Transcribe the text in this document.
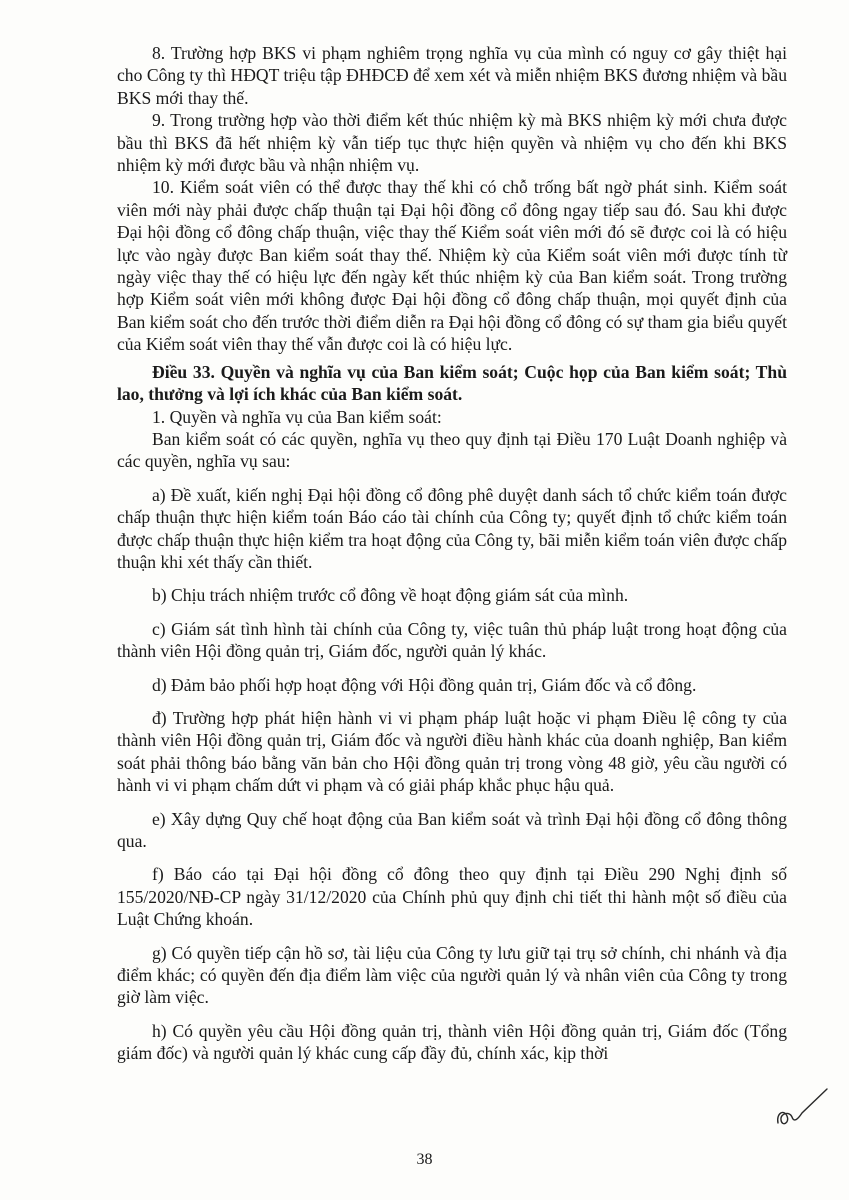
8. Trường hợp BKS vi phạm nghiêm trọng nghĩa vụ của mình có nguy cơ gây thiệt hại cho Công ty thì HĐQT triệu tập ĐHĐCĐ để xem xét và miễn nhiệm BKS đương nhiệm và bầu BKS mới thay thế.

9. Trong trường hợp vào thời điểm kết thúc nhiệm kỳ mà BKS nhiệm kỳ mới chưa được bầu thì BKS đã hết nhiệm kỳ vẫn tiếp tục thực hiện quyền và nhiệm vụ cho đến khi BKS nhiệm kỳ mới được bầu và nhận nhiệm vụ.

10. Kiểm soát viên có thể được thay thế khi có chỗ trống bất ngờ phát sinh. Kiểm soát viên mới này phải được chấp thuận tại Đại hội đồng cổ đông ngay tiếp sau đó. Sau khi được Đại hội đồng cổ đông chấp thuận, việc thay thế Kiểm soát viên mới đó sẽ được coi là có hiệu lực vào ngày được Ban kiểm soát thay thế. Nhiệm kỳ của Kiểm soát viên mới được tính từ ngày việc thay thế có hiệu lực đến ngày kết thúc nhiệm kỳ của Ban kiểm soát. Trong trường hợp Kiểm soát viên mới không được Đại hội đồng cổ đông chấp thuận, mọi quyết định của Ban kiểm soát cho đến trước thời điểm diễn ra Đại hội đồng cổ đông có sự tham gia biểu quyết của Kiểm soát viên thay thế vẫn được coi là có hiệu lực.

Điều 33. Quyền và nghĩa vụ của Ban kiểm soát; Cuộc họp của Ban kiểm soát; Thù lao, thưởng và lợi ích khác của Ban kiểm soát.

1. Quyền và nghĩa vụ của Ban kiểm soát:

Ban kiểm soát có các quyền, nghĩa vụ theo quy định tại Điều 170 Luật Doanh nghiệp và các quyền, nghĩa vụ sau:

a) Đề xuất, kiến nghị Đại hội đồng cổ đông phê duyệt danh sách tổ chức kiểm toán được chấp thuận thực hiện kiểm toán Báo cáo tài chính của Công ty; quyết định tổ chức kiểm toán được chấp thuận thực hiện kiểm tra hoạt động của Công ty, bãi miễn kiểm toán viên được chấp thuận khi xét thấy cần thiết.

b) Chịu trách nhiệm trước cổ đông về hoạt động giám sát của mình.

c) Giám sát tình hình tài chính của Công ty, việc tuân thủ pháp luật trong hoạt động của thành viên Hội đồng quản trị, Giám đốc, người quản lý khác.

d) Đảm bảo phối hợp hoạt động với Hội đồng quản trị, Giám đốc và cổ đông.

đ) Trường hợp phát hiện hành vi vi phạm pháp luật hoặc vi phạm Điều lệ công ty của thành viên Hội đồng quản trị, Giám đốc và người điều hành khác của doanh nghiệp, Ban kiểm soát phải thông báo bằng văn bản cho Hội đồng quản trị trong vòng 48 giờ, yêu cầu người có hành vi vi phạm chấm dứt vi phạm và có giải pháp khắc phục hậu quả.

e) Xây dựng Quy chế hoạt động của Ban kiểm soát và trình Đại hội đồng cổ đông thông qua.

f) Báo cáo tại Đại hội đồng cổ đông theo quy định tại Điều 290 Nghị định số 155/2020/NĐ-CP ngày 31/12/2020 của Chính phủ quy định chi tiết thi hành một số điều của Luật Chứng khoán.

g) Có quyền tiếp cận hồ sơ, tài liệu của Công ty lưu giữ tại trụ sở chính, chi nhánh và địa điểm khác; có quyền đến địa điểm làm việc của người quản lý và nhân viên của Công ty trong giờ làm việc.

h) Có quyền yêu cầu Hội đồng quản trị, thành viên Hội đồng quản trị, Giám đốc (Tổng giám đốc) và người quản lý khác cung cấp đầy đủ, chính xác, kịp thời

38
